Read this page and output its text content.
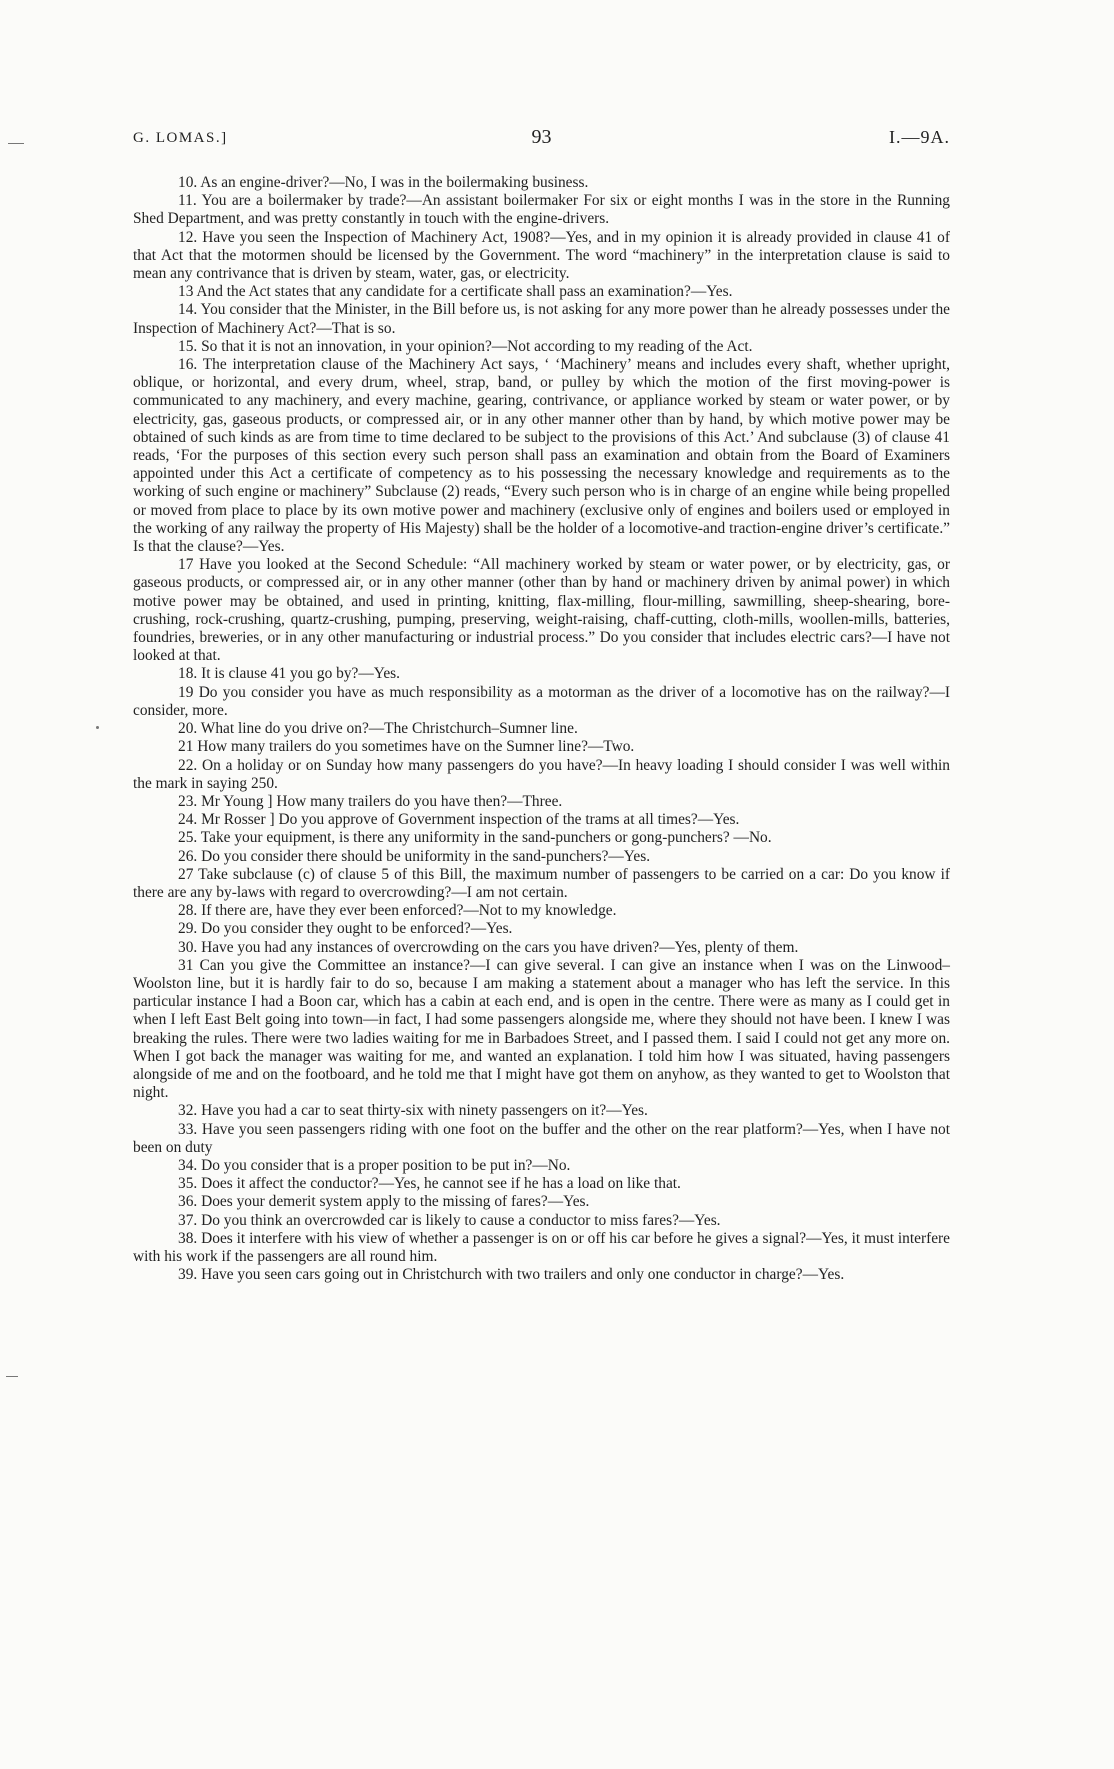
G. LOMAS.]	93	I.—9A.

10. As an engine-driver?—No, I was in the boilermaking business.

11. You are a boilermaker by trade?—An assistant boilermaker For six or eight months I was in the store in the Running Shed Department, and was pretty constantly in touch with the engine-drivers.

12. Have you seen the Inspection of Machinery Act, 1908?—Yes, and in my opinion it is already provided in clause 41 of that Act that the motormen should be licensed by the Government. The word “machinery” in the interpretation clause is said to mean any contrivance that is driven by steam, water, gas, or electricity.

13 And the Act states that any candidate for a certificate shall pass an examination?—Yes.

14. You consider that the Minister, in the Bill before us, is not asking for any more power than he already possesses under the Inspection of Machinery Act?—That is so.

15. So that it is not an innovation, in your opinion?—Not according to my reading of the Act.

16. The interpretation clause of the Machinery Act says, ‘ ‘Machinery’ means and includes every shaft, whether upright, oblique, or horizontal, and every drum, wheel, strap, band, or pulley by which the motion of the first moving-power is communicated to any machinery, and every machine, gearing, contrivance, or appliance worked by steam or water power, or by electricity, gas, gaseous products, or compressed air, or in any other manner other than by hand, by which motive power may be obtained of such kinds as are from time to time declared to be subject to the provisions of this Act.’ And subclause (3) of clause 41 reads, ‘For the purposes of this section every such person shall pass an examination and obtain from the Board of Examiners appointed under this Act a certificate of competency as to his possessing the necessary knowledge and requirements as to the working of such engine or machinery” Subclause (2) reads, “Every such person who is in charge of an engine while being propelled or moved from place to place by its own motive power and machinery (exclusive only of engines and boilers used or employed in the working of any railway the property of His Majesty) shall be the holder of a locomotive-and traction-engine driver’s certificate.” Is that the clause?—Yes.

17 Have you looked at the Second Schedule: “All machinery worked by steam or water power, or by electricity, gas, or gaseous products, or compressed air, or in any other manner (other than by hand or machinery driven by animal power) in which motive power may be obtained, and used in printing, knitting, flax-milling, flour-milling, sawmilling, sheep-shearing, bore-crushing, rock-crushing, quartz-crushing, pumping, preserving, weight-raising, chaff-cutting, cloth-mills, woollen-mills, batteries, foundries, breweries, or in any other manufacturing or industrial process.” Do you consider that includes electric cars?—I have not looked at that.

18. It is clause 41 you go by?—Yes.

19 Do you consider you have as much responsibility as a motorman as the driver of a locomotive has on the railway?—I consider, more.

20. What line do you drive on?—The Christchurch–Sumner line.

21 How many trailers do you sometimes have on the Sumner line?—Two.

22. On a holiday or on Sunday how many passengers do you have?—In heavy loading I should consider I was well within the mark in saying 250.

23. Mr Young ] How many trailers do you have then?—Three.

24. Mr Rosser ] Do you approve of Government inspection of the trams at all times?—Yes.

25. Take your equipment, is there any uniformity in the sand-punchers or gong-punchers? —No.

26. Do you consider there should be uniformity in the sand-punchers?—Yes.

27 Take subclause (c) of clause 5 of this Bill, the maximum number of passengers to be carried on a car: Do you know if there are any by-laws with regard to overcrowding?—I am not certain.

28. If there are, have they ever been enforced?—Not to my knowledge.

29. Do you consider they ought to be enforced?—Yes.

30. Have you had any instances of overcrowding on the cars you have driven?—Yes, plenty of them.

31 Can you give the Committee an instance?—I can give several. I can give an instance when I was on the Linwood–Woolston line, but it is hardly fair to do so, because I am making a statement about a manager who has left the service. In this particular instance I had a Boon car, which has a cabin at each end, and is open in the centre. There were as many as I could get in when I left East Belt going into town—in fact, I had some passengers alongside me, where they should not have been. I knew I was breaking the rules. There were two ladies waiting for me in Barbadoes Street, and I passed them. I said I could not get any more on. When I got back the manager was waiting for me, and wanted an explanation. I told him how I was situated, having passengers alongside of me and on the footboard, and he told me that I might have got them on anyhow, as they wanted to get to Woolston that night.

32. Have you had a car to seat thirty-six with ninety passengers on it?—Yes.

33. Have you seen passengers riding with one foot on the buffer and the other on the rear platform?—Yes, when I have not been on duty

34. Do you consider that is a proper position to be put in?—No.

35. Does it affect the conductor?—Yes, he cannot see if he has a load on like that.

36. Does your demerit system apply to the missing of fares?—Yes.

37. Do you think an overcrowded car is likely to cause a conductor to miss fares?—Yes.

38. Does it interfere with his view of whether a passenger is on or off his car before he gives a signal?—Yes, it must interfere with his work if the passengers are all round him.

39. Have you seen cars going out in Christchurch with two trailers and only one conductor in charge?—Yes.
